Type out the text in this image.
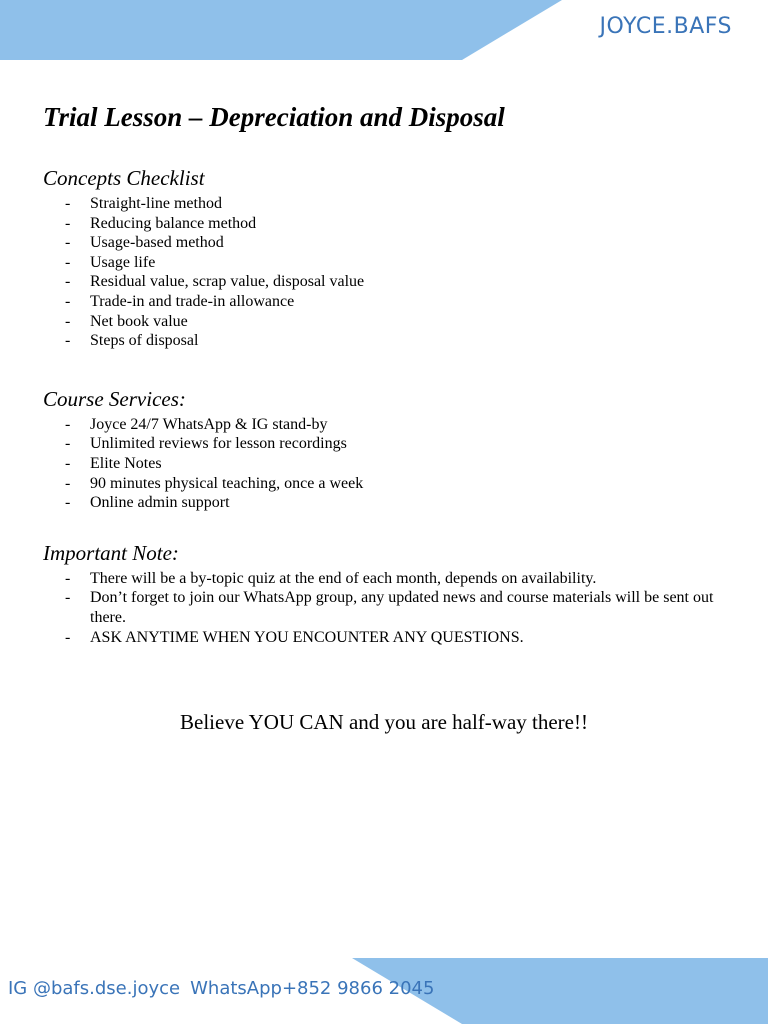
JOYCE.BAFS
Trial Lesson – Depreciation and Disposal
Concepts Checklist
- Straight-line method
- Reducing balance method
- Usage-based method
- Usage life
- Residual value, scrap value, disposal value
- Trade-in and trade-in allowance
- Net book value
- Steps of disposal
Course Services:
- Joyce 24/7 WhatsApp & IG stand-by
- Unlimited reviews for lesson recordings
- Elite Notes
- 90 minutes physical teaching, once a week
- Online admin support
Important Note:
- There will be a by-topic quiz at the end of each month, depends on availability.
- Don’t forget to join our WhatsApp group, any updated news and course materials will be sent out there.
- ASK ANYTIME WHEN YOU ENCOUNTER ANY QUESTIONS.
Believe YOU CAN and you are half-way there!!
IG @bafs.dse.joyce WhatsApp+852 9866 2045
